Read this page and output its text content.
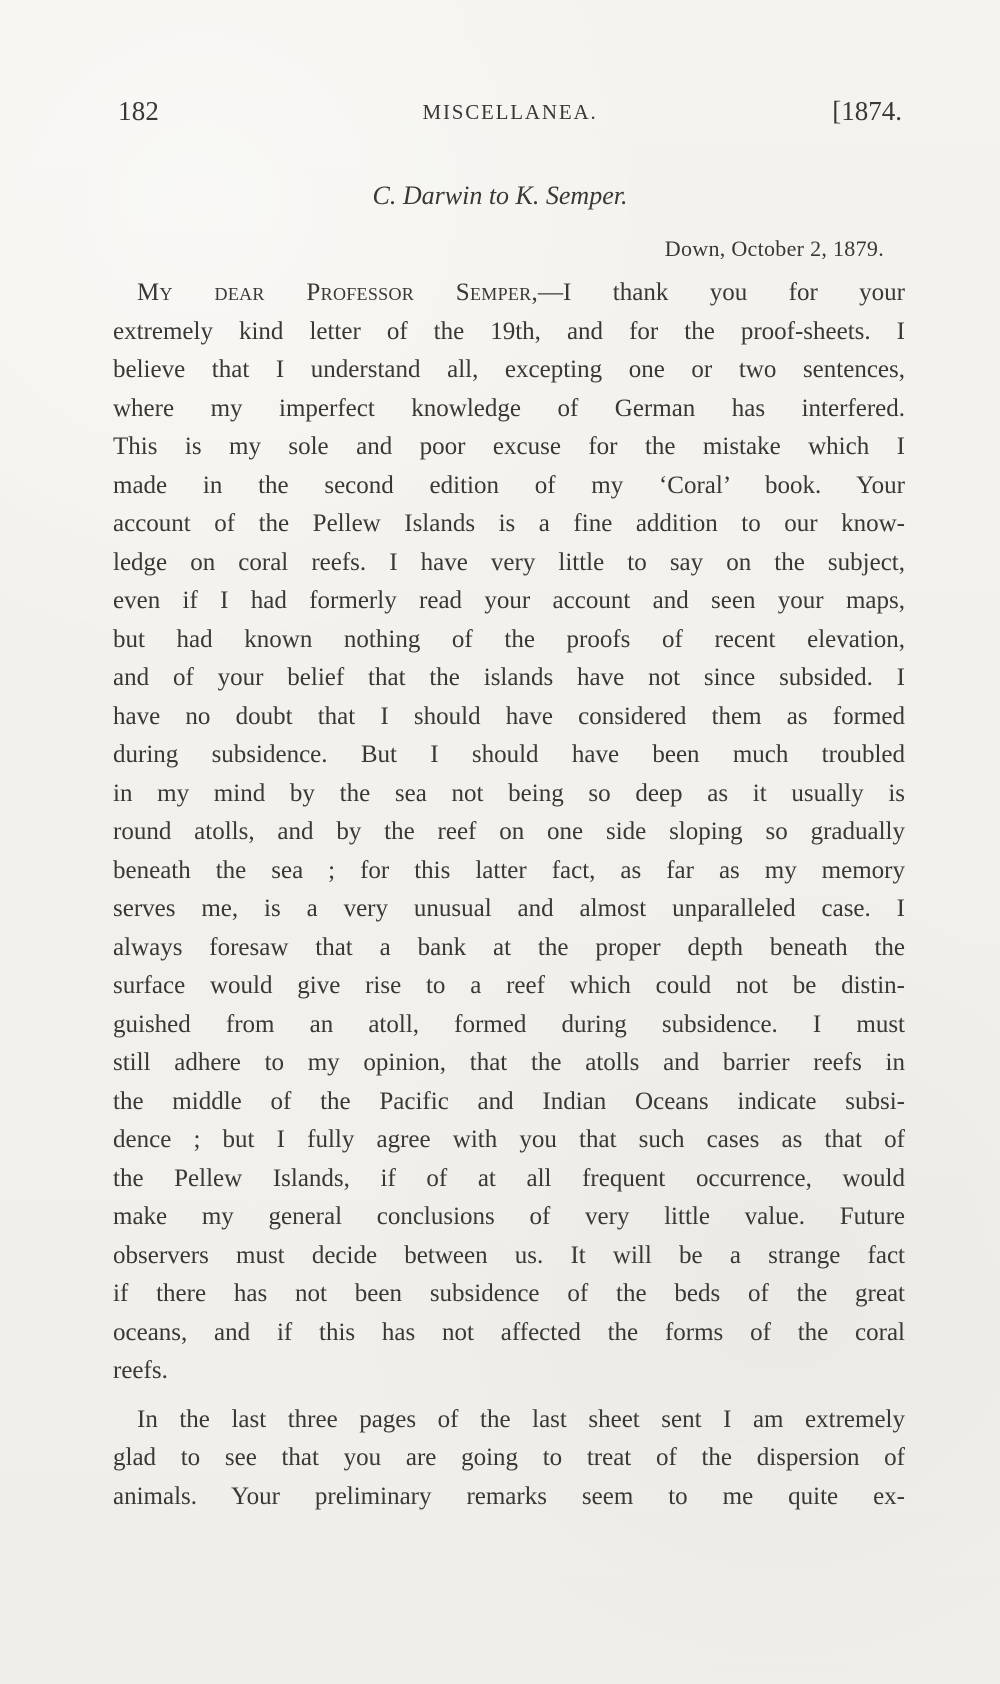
182	MISCELLANEA.	[1874.
C. Darwin to K. Semper.
Down, October 2, 1879.
My dear Professor Semper,—I thank you for your
extremely kind letter of the 19th, and for the proof-sheets. I
believe that I understand all, excepting one or two sentences,
where my imperfect knowledge of German has interfered.
This is my sole and poor excuse for the mistake which I
made in the second edition of my ‘Coral’ book. Your
account of the Pellew Islands is a fine addition to our know-
ledge on coral reefs. I have very little to say on the subject,
even if I had formerly read your account and seen your maps,
but had known nothing of the proofs of recent elevation,
and of your belief that the islands have not since subsided. I
have no doubt that I should have considered them as formed
during subsidence. But I should have been much troubled
in my mind by the sea not being so deep as it usually is
round atolls, and by the reef on one side sloping so gradually
beneath the sea ; for this latter fact, as far as my memory
serves me, is a very unusual and almost unparalleled case. I
always foresaw that a bank at the proper depth beneath the
surface would give rise to a reef which could not be distin-
guished from an atoll, formed during subsidence. I must
still adhere to my opinion, that the atolls and barrier reefs in
the middle of the Pacific and Indian Oceans indicate subsi-
dence ; but I fully agree with you that such cases as that of
the Pellew Islands, if of at all frequent occurrence, would
make my general conclusions of very little value. Future
observers must decide between us. It will be a strange fact
if there has not been subsidence of the beds of the great
oceans, and if this has not affected the forms of the coral
reefs.
In the last three pages of the last sheet sent I am extremely
glad to see that you are going to treat of the dispersion of
animals. Your preliminary remarks seem to me quite ex-
